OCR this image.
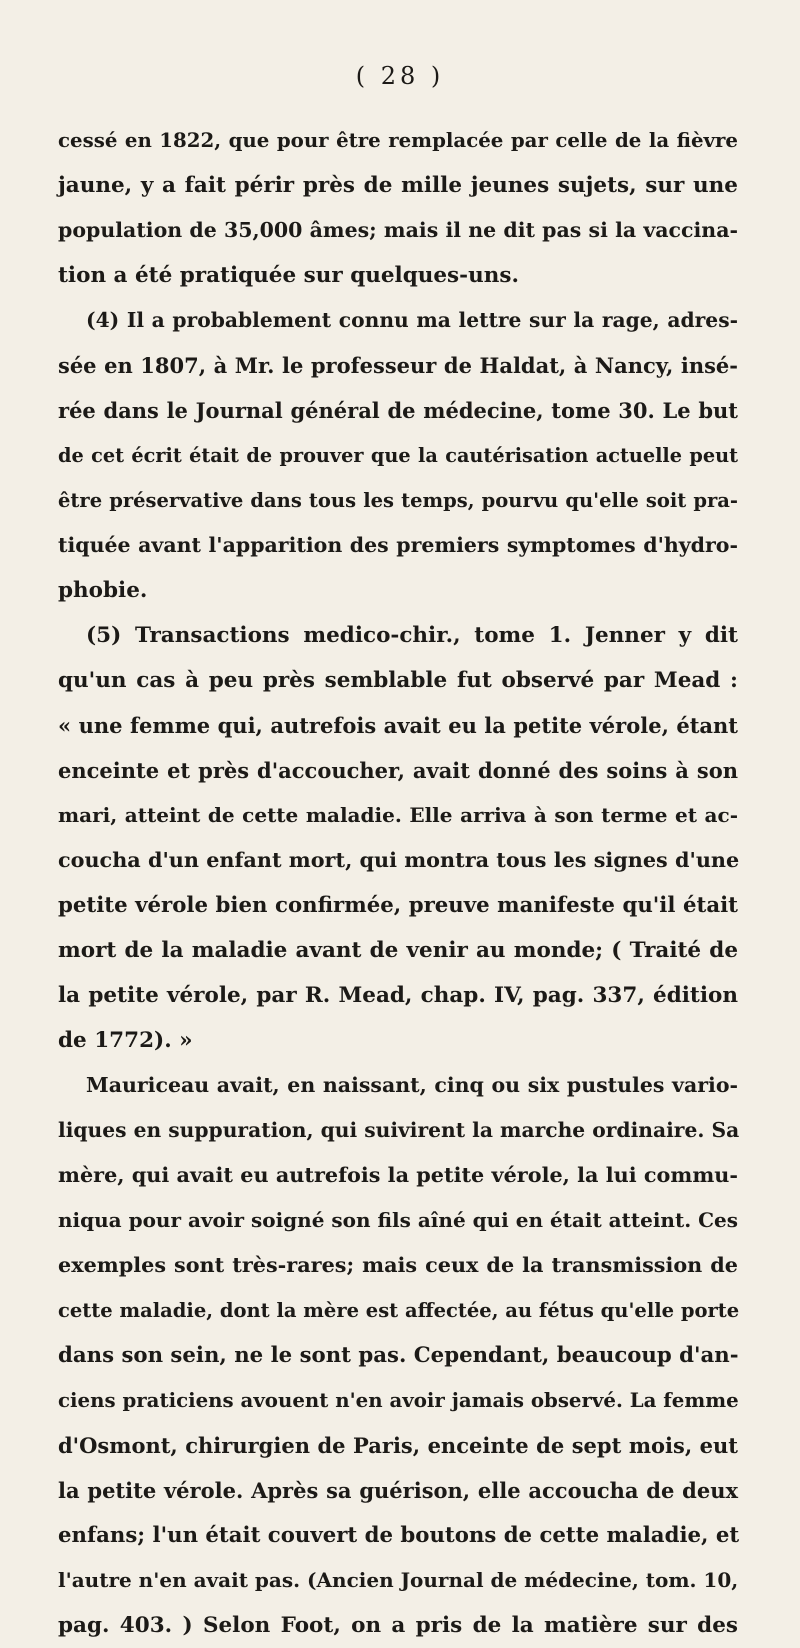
( 28 )
cessé en 1822, que pour être remplacée par celle de la fièvre
jaune, y a fait périr près de mille jeunes sujets, sur une
population de 35,000 âmes; mais il ne dit pas si la vaccina-
tion a été pratiquée sur quelques-uns.
(4) Il a probablement connu ma lettre sur la rage, adres-
sée en 1807, à Mr. le professeur de Haldat, à Nancy, insé-
rée dans le Journal général de médecine, tome 30. Le but
de cet écrit était de prouver que la cautérisation actuelle peut
être préservative dans tous les temps, pourvu qu'elle soit pra-
tiquée avant l'apparition des premiers symptomes d'hydro-
phobie.
(5) Transactions medico-chir., tome 1. Jenner y dit
qu'un cas à peu près semblable fut observé par Mead :
« une femme qui, autrefois avait eu la petite vérole, étant
enceinte et près d'accoucher, avait donné des soins à son
mari, atteint de cette maladie. Elle arriva à son terme et ac-
coucha d'un enfant mort, qui montra tous les signes d'une
petite vérole bien confirmée, preuve manifeste qu'il était
mort de la maladie avant de venir au monde; ( Traité de
la petite vérole, par R. Mead, chap. IV, pag. 337, édition
de 1772). »
Mauriceau avait, en naissant, cinq ou six pustules vario-
liques en suppuration, qui suivirent la marche ordinaire. Sa
mère, qui avait eu autrefois la petite vérole, la lui commu-
niqua pour avoir soigné son fils aîné qui en était atteint. Ces
exemples sont très-rares; mais ceux de la transmission de
cette maladie, dont la mère est affectée, au fétus qu'elle porte
dans son sein, ne le sont pas. Cependant, beaucoup d'an-
ciens praticiens avouent n'en avoir jamais observé. La femme
d'Osmont, chirurgien de Paris, enceinte de sept mois, eut
la petite vérole. Après sa guérison, elle accoucha de deux
enfans; l'un était couvert de boutons de cette maladie, et
l'autre n'en avait pas. (Ancien Journal de médecine, tom. 10,
pag. 403. ) Selon Foot, on a pris de la matière sur des
